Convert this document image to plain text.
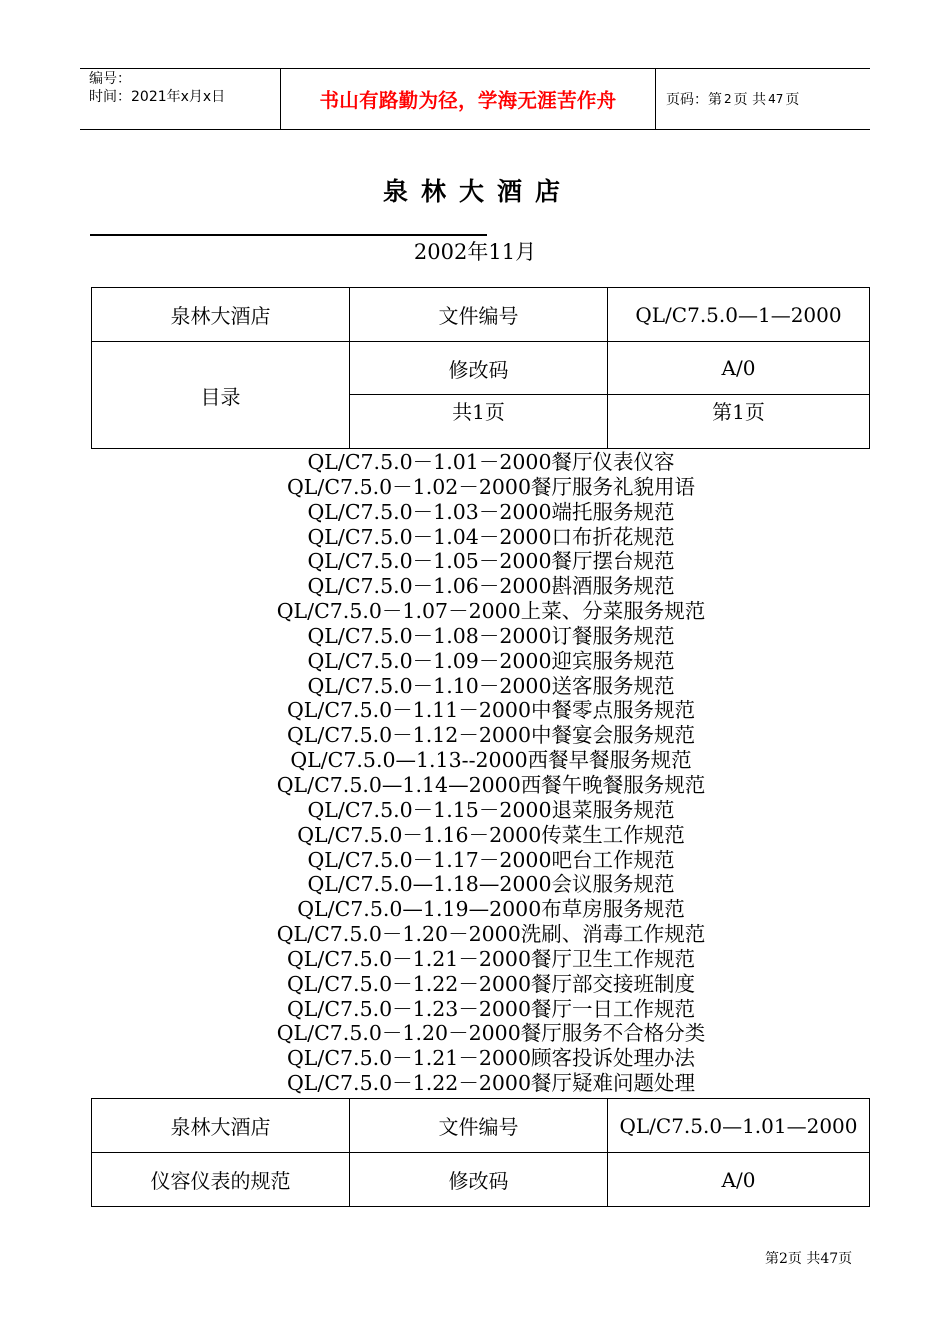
编号：
时间：2021年x月x日	书山有路勤为径，学海无涯苦作舟	页码：第 2 页 共 47 页
泉林大酒店
2002年11月
泉林大酒店	文件编号	QL/C7.5.0—1—2000
目录	修改码	A/0
	共1页	第1页
QL/C7.5.0－1.01－2000餐厅仪表仪容
QL/C7.5.0－1.02－2000餐厅服务礼貌用语
QL/C7.5.0－1.03－2000端托服务规范
QL/C7.5.0－1.04－2000口布折花规范
QL/C7.5.0－1.05－2000餐厅摆台规范
QL/C7.5.0－1.06－2000斟酒服务规范
QL/C7.5.0－1.07－2000上菜、分菜服务规范
QL/C7.5.0－1.08－2000订餐服务规范
QL/C7.5.0－1.09－2000迎宾服务规范
QL/C7.5.0－1.10－2000送客服务规范
QL/C7.5.0－1.11－2000中餐零点服务规范
QL/C7.5.0－1.12－2000中餐宴会服务规范
QL/C7.5.0—1.13--2000西餐早餐服务规范
QL/C7.5.0—1.14—2000西餐午晚餐服务规范
QL/C7.5.0－1.15－2000退菜服务规范
QL/C7.5.0－1.16－2000传菜生工作规范
QL/C7.5.0－1.17－2000吧台工作规范
QL/C7.5.0—1.18—2000会议服务规范
QL/C7.5.0—1.19—2000布草房服务规范
QL/C7.5.0－1.20－2000洗刷、消毒工作规范
QL/C7.5.0－1.21－2000餐厅卫生工作规范
QL/C7.5.0－1.22－2000餐厅部交接班制度
QL/C7.5.0－1.23－2000餐厅一日工作规范
QL/C7.5.0－1.20－2000餐厅服务不合格分类
QL/C7.5.0－1.21－2000顾客投诉处理办法
QL/C7.5.0－1.22－2000餐厅疑难问题处理
泉林大酒店	文件编号	QL/C7.5.0—1.01—2000
仪容仪表的规范	修改码	A/0
第2页 共47页
